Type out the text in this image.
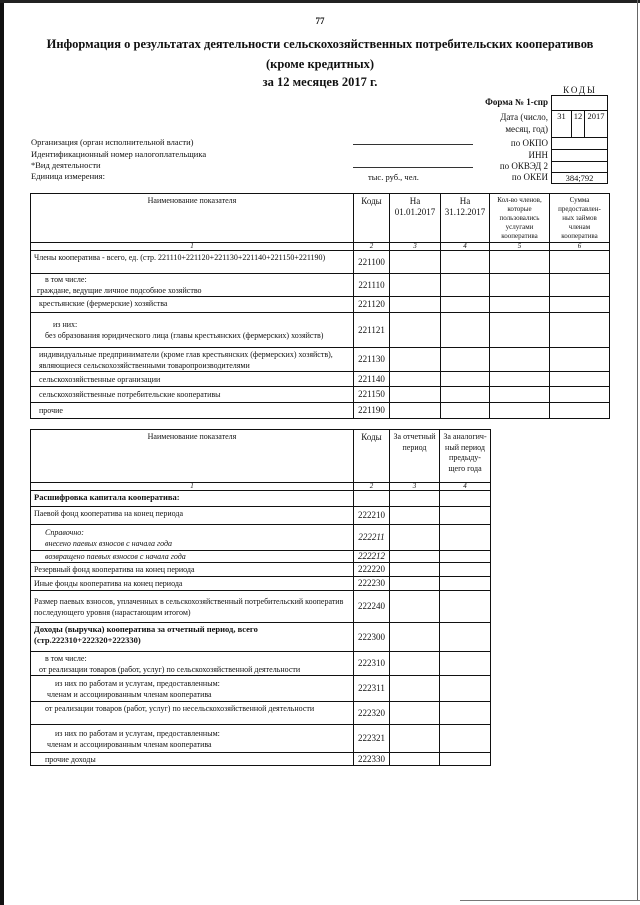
77
Информация о результатах деятельности сельскохозяйственных потребительских кооперативов
(кроме кредитных)
за 12 месяцев 2017 г.
КОДЫ
Форма № 1-спр
Дата (число,
месяц, год)
31 12 2017
по ОКПО
ИНН
по ОКВЭД 2
по ОКЕИ	384;792
Организация (орган исполнительной власти)
Идентификационный номер налогоплательщика
*Вид деятельности
Единица измерения:	тыс. руб., чел.
Наименование показателя	Коды	На 01.01.2017	На 31.12.2017	Кол-во членов, которые пользовались услугами кооператива	Сумма предоставлен-ных займов членам кооператива
1	2	3	4	5	6
Члены кооператива - всего, ед. (стр. 221110+221120+221130+221140+221150+221190)	221100				

в том числе:
граждане, ведущие личное подсобное хозяйство	221110				
крестьянские (фермерские) хозяйства	221120				

из них:
без образования юридического лица (главы крестьянских (фермерских) хозяйств)	221121				
индивидуальные предприниматели (кроме глав крестьянских (фермерских) хозяйств), являющиеся сельскохозяйственными товаропроизводителями	221130				
сельскохозяйственные организации	221140				
сельскохозяйственные потребительские кооперативы	221150				
прочие	221190				
Наименование показателя	Коды	За отчетный период	За аналогич-ный период предыду-щего года
1	2	3	4
Расшифровка капитала кооператива:			
Паевой фонд кооператива на конец периода	222210		

Справочно:
внесено паевых взносов с начала года	222211		
возвращено паевых взносов с начала года	222212		
Резервный фонд кооператива на конец периода	222220		
Иные фонды кооператива на конец периода	222230		
Размер паевых взносов, уплаченных в сельскохозяйственный потребительский кооператив последующего уровня (нарастающим итогом)	222240		
Доходы (выручка) кооператива за отчетный период, всего (стр.222310+222320+222330)	222300		

в том числе:
от реализации товаров (работ, услуг) по сельскохозяйственной деятельности	222310		

из них по работам и услугам, предоставленным:
членам и ассоциированным членам кооператива	222311		
от реализации товаров (работ, услуг) по несельскохозяйственной деятельности	222320		

из них по работам и услугам, предоставленным:
членам и ассоциированным членам кооператива	222321		
прочие доходы	222330		
